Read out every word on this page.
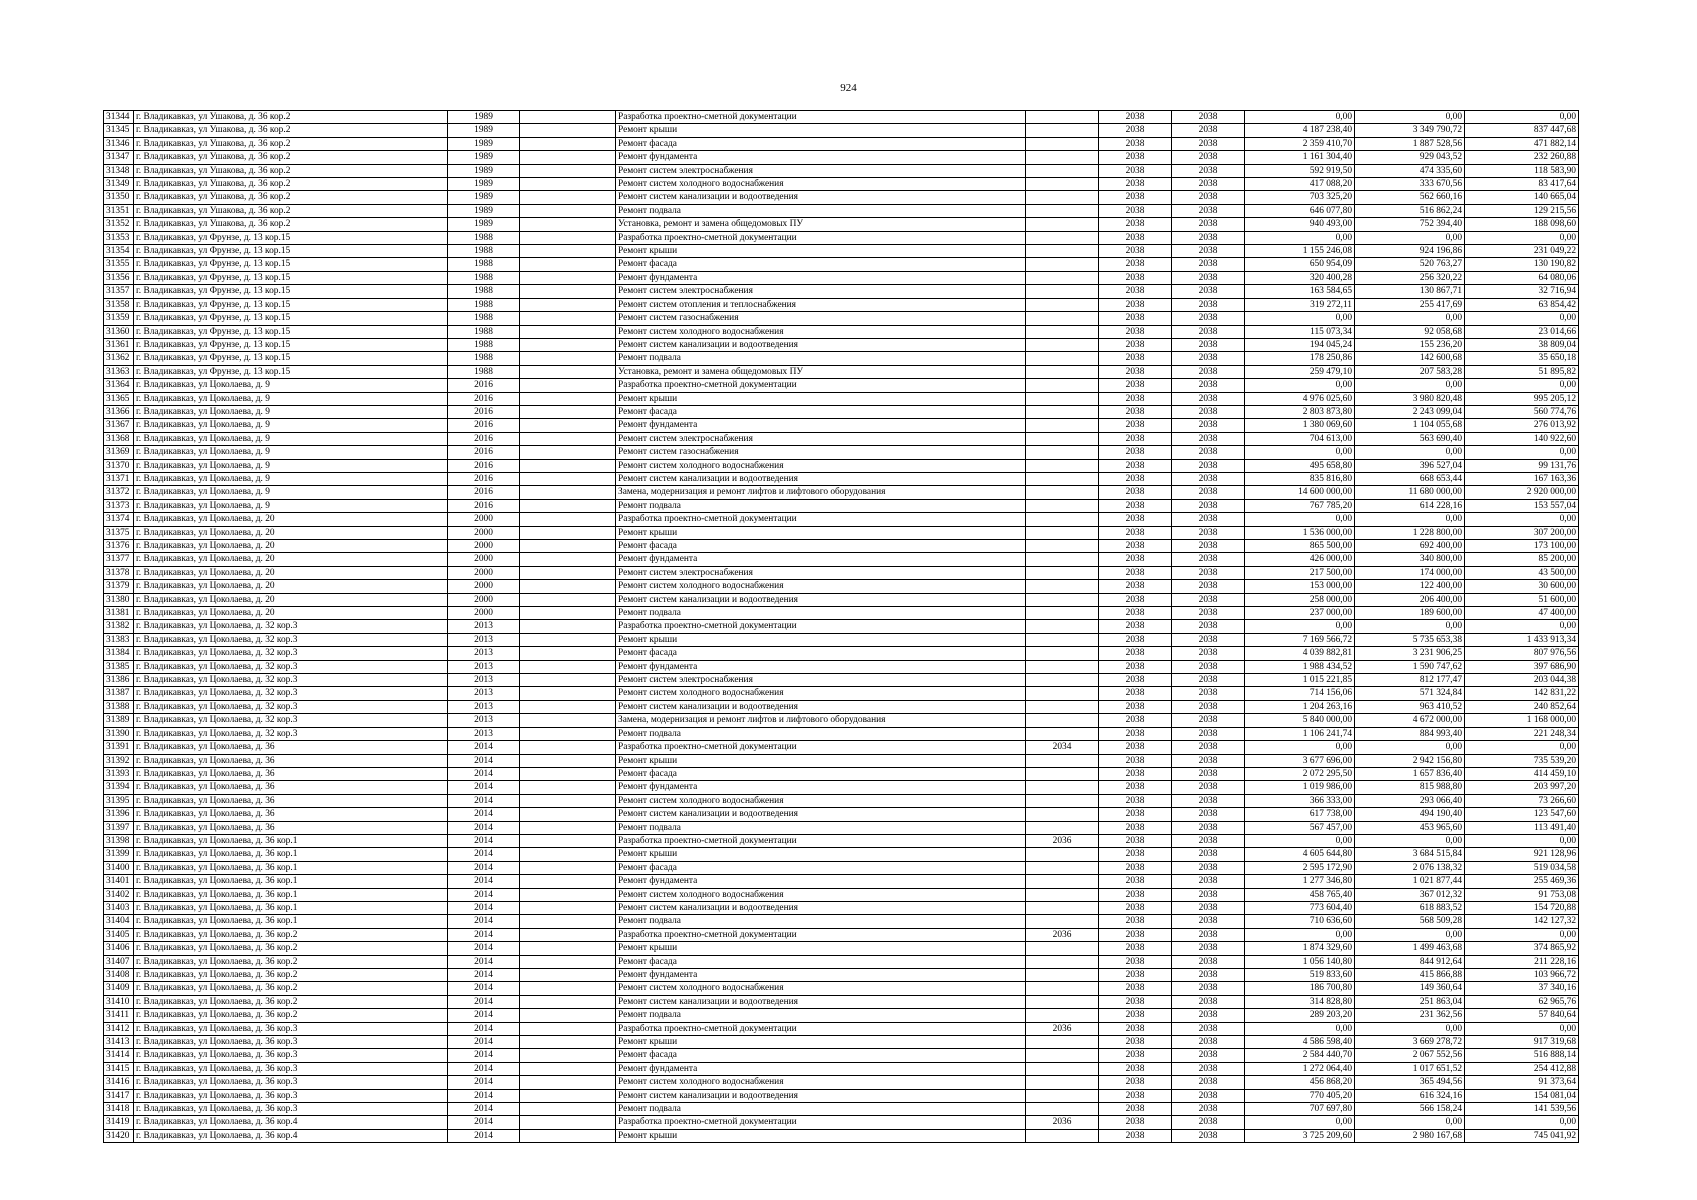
924
31344	г. Владикавказ, ул Ушакова, д. 36 кор.2	1989		Разработка проектно-сметной документации		2038	2038	0,00	0,00	0,00
31345	г. Владикавказ, ул Ушакова, д. 36 кор.2	1989		Ремонт крыши		2038	2038	4 187 238,40	3 349 790,72	837 447,68
31346	г. Владикавказ, ул Ушакова, д. 36 кор.2	1989		Ремонт фасада		2038	2038	2 359 410,70	1 887 528,56	471 882,14
31347	г. Владикавказ, ул Ушакова, д. 36 кор.2	1989		Ремонт фундамента		2038	2038	1 161 304,40	929 043,52	232 260,88
31348	г. Владикавказ, ул Ушакова, д. 36 кор.2	1989		Ремонт систем электроснабжения		2038	2038	592 919,50	474 335,60	118 583,90
31349	г. Владикавказ, ул Ушакова, д. 36 кор.2	1989		Ремонт систем холодного водоснабжения		2038	2038	417 088,20	333 670,56	83 417,64
31350	г. Владикавказ, ул Ушакова, д. 36 кор.2	1989		Ремонт систем канализации и водоотведения		2038	2038	703 325,20	562 660,16	140 665,04
31351	г. Владикавказ, ул Ушакова, д. 36 кор.2	1989		Ремонт подвала		2038	2038	646 077,80	516 862,24	129 215,56
31352	г. Владикавказ, ул Ушакова, д. 36 кор.2	1989		Установка, ремонт и замена общедомовых ПУ		2038	2038	940 493,00	752 394,40	188 098,60
31353	г. Владикавказ, ул Фрунзе, д. 13 кор.15	1988		Разработка проектно-сметной документации		2038	2038	0,00	0,00	0,00
31354	г. Владикавказ, ул Фрунзе, д. 13 кор.15	1988		Ремонт крыши		2038	2038	1 155 246,08	924 196,86	231 049,22
31355	г. Владикавказ, ул Фрунзе, д. 13 кор.15	1988		Ремонт фасада		2038	2038	650 954,09	520 763,27	130 190,82
31356	г. Владикавказ, ул Фрунзе, д. 13 кор.15	1988		Ремонт фундамента		2038	2038	320 400,28	256 320,22	64 080,06
31357	г. Владикавказ, ул Фрунзе, д. 13 кор.15	1988		Ремонт систем электроснабжения		2038	2038	163 584,65	130 867,71	32 716,94
31358	г. Владикавказ, ул Фрунзе, д. 13 кор.15	1988		Ремонт систем отопления и теплоснабжения		2038	2038	319 272,11	255 417,69	63 854,42
31359	г. Владикавказ, ул Фрунзе, д. 13 кор.15	1988		Ремонт систем газоснабжения		2038	2038	0,00	0,00	0,00
31360	г. Владикавказ, ул Фрунзе, д. 13 кор.15	1988		Ремонт систем холодного водоснабжения		2038	2038	115 073,34	92 058,68	23 014,66
31361	г. Владикавказ, ул Фрунзе, д. 13 кор.15	1988		Ремонт систем канализации и водоотведения		2038	2038	194 045,24	155 236,20	38 809,04
31362	г. Владикавказ, ул Фрунзе, д. 13 кор.15	1988		Ремонт подвала		2038	2038	178 250,86	142 600,68	35 650,18
31363	г. Владикавказ, ул Фрунзе, д. 13 кор.15	1988		Установка, ремонт и замена общедомовых ПУ		2038	2038	259 479,10	207 583,28	51 895,82
31364	г. Владикавказ, ул Цоколаева, д. 9	2016		Разработка проектно-сметной документации		2038	2038	0,00	0,00	0,00
31365	г. Владикавказ, ул Цоколаева, д. 9	2016		Ремонт крыши		2038	2038	4 976 025,60	3 980 820,48	995 205,12
31366	г. Владикавказ, ул Цоколаева, д. 9	2016		Ремонт фасада		2038	2038	2 803 873,80	2 243 099,04	560 774,76
31367	г. Владикавказ, ул Цоколаева, д. 9	2016		Ремонт фундамента		2038	2038	1 380 069,60	1 104 055,68	276 013,92
31368	г. Владикавказ, ул Цоколаева, д. 9	2016		Ремонт систем электроснабжения		2038	2038	704 613,00	563 690,40	140 922,60
31369	г. Владикавказ, ул Цоколаева, д. 9	2016		Ремонт систем газоснабжения		2038	2038	0,00	0,00	0,00
31370	г. Владикавказ, ул Цоколаева, д. 9	2016		Ремонт систем холодного водоснабжения		2038	2038	495 658,80	396 527,04	99 131,76
31371	г. Владикавказ, ул Цоколаева, д. 9	2016		Ремонт систем канализации и водоотведения		2038	2038	835 816,80	668 653,44	167 163,36
31372	г. Владикавказ, ул Цоколаева, д. 9	2016		Замена, модернизация и ремонт лифтов и лифтового оборудования		2038	2038	14 600 000,00	11 680 000,00	2 920 000,00
31373	г. Владикавказ, ул Цоколаева, д. 9	2016		Ремонт подвала		2038	2038	767 785,20	614 228,16	153 557,04
31374	г. Владикавказ, ул Цоколаева, д. 20	2000		Разработка проектно-сметной документации		2038	2038	0,00	0,00	0,00
31375	г. Владикавказ, ул Цоколаева, д. 20	2000		Ремонт крыши		2038	2038	1 536 000,00	1 228 800,00	307 200,00
31376	г. Владикавказ, ул Цоколаева, д. 20	2000		Ремонт фасада		2038	2038	865 500,00	692 400,00	173 100,00
31377	г. Владикавказ, ул Цоколаева, д. 20	2000		Ремонт фундамента		2038	2038	426 000,00	340 800,00	85 200,00
31378	г. Владикавказ, ул Цоколаева, д. 20	2000		Ремонт систем электроснабжения		2038	2038	217 500,00	174 000,00	43 500,00
31379	г. Владикавказ, ул Цоколаева, д. 20	2000		Ремонт систем холодного водоснабжения		2038	2038	153 000,00	122 400,00	30 600,00
31380	г. Владикавказ, ул Цоколаева, д. 20	2000		Ремонт систем канализации и водоотведения		2038	2038	258 000,00	206 400,00	51 600,00
31381	г. Владикавказ, ул Цоколаева, д. 20	2000		Ремонт подвала		2038	2038	237 000,00	189 600,00	47 400,00
31382	г. Владикавказ, ул Цоколаева, д. 32 кор.3	2013		Разработка проектно-сметной документации		2038	2038	0,00	0,00	0,00
31383	г. Владикавказ, ул Цоколаева, д. 32 кор.3	2013		Ремонт крыши		2038	2038	7 169 566,72	5 735 653,38	1 433 913,34
31384	г. Владикавказ, ул Цоколаева, д. 32 кор.3	2013		Ремонт фасада		2038	2038	4 039 882,81	3 231 906,25	807 976,56
31385	г. Владикавказ, ул Цоколаева, д. 32 кор.3	2013		Ремонт фундамента		2038	2038	1 988 434,52	1 590 747,62	397 686,90
31386	г. Владикавказ, ул Цоколаева, д. 32 кор.3	2013		Ремонт систем электроснабжения		2038	2038	1 015 221,85	812 177,47	203 044,38
31387	г. Владикавказ, ул Цоколаева, д. 32 кор.3	2013		Ремонт систем холодного водоснабжения		2038	2038	714 156,06	571 324,84	142 831,22
31388	г. Владикавказ, ул Цоколаева, д. 32 кор.3	2013		Ремонт систем канализации и водоотведения		2038	2038	1 204 263,16	963 410,52	240 852,64
31389	г. Владикавказ, ул Цоколаева, д. 32 кор.3	2013		Замена, модернизация и ремонт лифтов и лифтового оборудования		2038	2038	5 840 000,00	4 672 000,00	1 168 000,00
31390	г. Владикавказ, ул Цоколаева, д. 32 кор.3	2013		Ремонт подвала		2038	2038	1 106 241,74	884 993,40	221 248,34
31391	г. Владикавказ, ул Цоколаева, д. 36	2014		Разработка проектно-сметной документации	2034	2038	2038	0,00	0,00	0,00
31392	г. Владикавказ, ул Цоколаева, д. 36	2014		Ремонт крыши		2038	2038	3 677 696,00	2 942 156,80	735 539,20
31393	г. Владикавказ, ул Цоколаева, д. 36	2014		Ремонт фасада		2038	2038	2 072 295,50	1 657 836,40	414 459,10
31394	г. Владикавказ, ул Цоколаева, д. 36	2014		Ремонт фундамента		2038	2038	1 019 986,00	815 988,80	203 997,20
31395	г. Владикавказ, ул Цоколаева, д. 36	2014		Ремонт систем холодного водоснабжения		2038	2038	366 333,00	293 066,40	73 266,60
31396	г. Владикавказ, ул Цоколаева, д. 36	2014		Ремонт систем канализации и водоотведения		2038	2038	617 738,00	494 190,40	123 547,60
31397	г. Владикавказ, ул Цоколаева, д. 36	2014		Ремонт подвала		2038	2038	567 457,00	453 965,60	113 491,40
31398	г. Владикавказ, ул Цоколаева, д. 36 кор.1	2014		Разработка проектно-сметной документации	2036	2038	2038	0,00	0,00	0,00
31399	г. Владикавказ, ул Цоколаева, д. 36 кор.1	2014		Ремонт крыши		2038	2038	4 605 644,80	3 684 515,84	921 128,96
31400	г. Владикавказ, ул Цоколаева, д. 36 кор.1	2014		Ремонт фасада		2038	2038	2 595 172,90	2 076 138,32	519 034,58
31401	г. Владикавказ, ул Цоколаева, д. 36 кор.1	2014		Ремонт фундамента		2038	2038	1 277 346,80	1 021 877,44	255 469,36
31402	г. Владикавказ, ул Цоколаева, д. 36 кор.1	2014		Ремонт систем холодного водоснабжения		2038	2038	458 765,40	367 012,32	91 753,08
31403	г. Владикавказ, ул Цоколаева, д. 36 кор.1	2014		Ремонт систем канализации и водоотведения		2038	2038	773 604,40	618 883,52	154 720,88
31404	г. Владикавказ, ул Цоколаева, д. 36 кор.1	2014		Ремонт подвала		2038	2038	710 636,60	568 509,28	142 127,32
31405	г. Владикавказ, ул Цоколаева, д. 36 кор.2	2014		Разработка проектно-сметной документации	2036	2038	2038	0,00	0,00	0,00
31406	г. Владикавказ, ул Цоколаева, д. 36 кор.2	2014		Ремонт крыши		2038	2038	1 874 329,60	1 499 463,68	374 865,92
31407	г. Владикавказ, ул Цоколаева, д. 36 кор.2	2014		Ремонт фасада		2038	2038	1 056 140,80	844 912,64	211 228,16
31408	г. Владикавказ, ул Цоколаева, д. 36 кор.2	2014		Ремонт фундамента		2038	2038	519 833,60	415 866,88	103 966,72
31409	г. Владикавказ, ул Цоколаева, д. 36 кор.2	2014		Ремонт систем холодного водоснабжения		2038	2038	186 700,80	149 360,64	37 340,16
31410	г. Владикавказ, ул Цоколаева, д. 36 кор.2	2014		Ремонт систем канализации и водоотведения		2038	2038	314 828,80	251 863,04	62 965,76
31411	г. Владикавказ, ул Цоколаева, д. 36 кор.2	2014		Ремонт подвала		2038	2038	289 203,20	231 362,56	57 840,64
31412	г. Владикавказ, ул Цоколаева, д. 36 кор.3	2014		Разработка проектно-сметной документации	2036	2038	2038	0,00	0,00	0,00
31413	г. Владикавказ, ул Цоколаева, д. 36 кор.3	2014		Ремонт крыши		2038	2038	4 586 598,40	3 669 278,72	917 319,68
31414	г. Владикавказ, ул Цоколаева, д. 36 кор.3	2014		Ремонт фасада		2038	2038	2 584 440,70	2 067 552,56	516 888,14
31415	г. Владикавказ, ул Цоколаева, д. 36 кор.3	2014		Ремонт фундамента		2038	2038	1 272 064,40	1 017 651,52	254 412,88
31416	г. Владикавказ, ул Цоколаева, д. 36 кор.3	2014		Ремонт систем холодного водоснабжения		2038	2038	456 868,20	365 494,56	91 373,64
31417	г. Владикавказ, ул Цоколаева, д. 36 кор.3	2014		Ремонт систем канализации и водоотведения		2038	2038	770 405,20	616 324,16	154 081,04
31418	г. Владикавказ, ул Цоколаева, д. 36 кор.3	2014		Ремонт подвала		2038	2038	707 697,80	566 158,24	141 539,56
31419	г. Владикавказ, ул Цоколаева, д. 36 кор.4	2014		Разработка проектно-сметной документации	2036	2038	2038	0,00	0,00	0,00
31420	г. Владикавказ, ул Цоколаева, д. 36 кор.4	2014		Ремонт крыши		2038	2038	3 725 209,60	2 980 167,68	745 041,92
